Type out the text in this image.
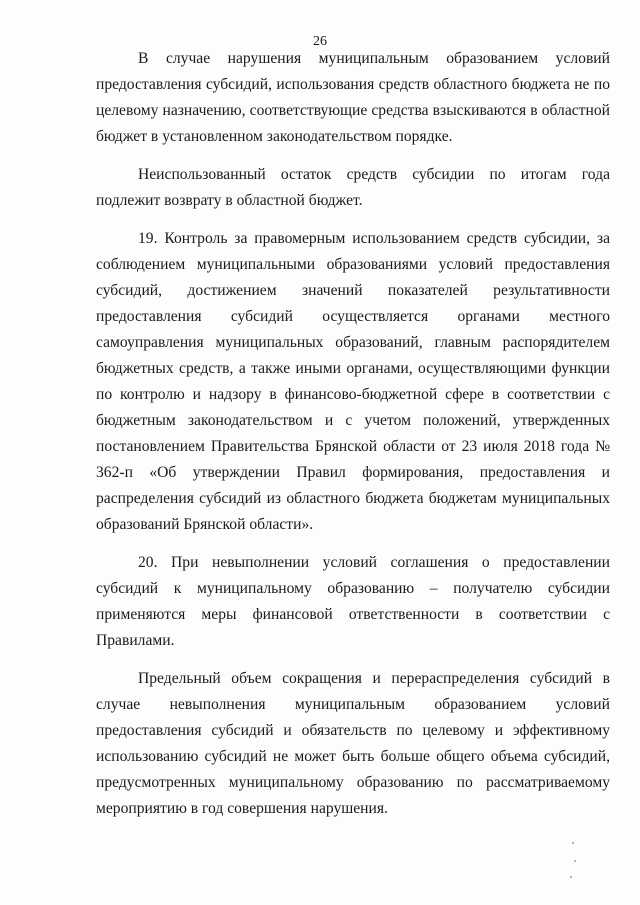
26

В случае нарушения муниципальным образованием условий предоставления субсидий, использования средств областного бюджета не по целевому назначению, соответствующие средства взыскиваются в областной бюджет в установленном законодательством порядке.

Неиспользованный остаток средств субсидии по итогам года подлежит возврату в областной бюджет.

19. Контроль за правомерным использованием средств субсидии, за соблюдением муниципальными образованиями условий предоставления субсидий, достижением значений показателей результативности предоставления субсидий осуществляется органами местного самоуправления муниципальных образований, главным распорядителем бюджетных средств, а также иными органами, осуществляющими функции по контролю и надзору в финансово-бюджетной сфере в соответствии с бюджетным законодательством и с учетом положений, утвержденных постановлением Правительства Брянской области от 23 июля 2018 года № 362-п «Об утверждении Правил формирования, предоставления и распределения субсидий из областного бюджета бюджетам муниципальных образований Брянской области».

20. При невыполнении условий соглашения о предоставлении субсидий к муниципальному образованию – получателю субсидии применяются меры финансовой ответственности в соответствии с Правилами.

Предельный объем сокращения и перераспределения субсидий в случае невыполнения муниципальным образованием условий предоставления субсидий и обязательств по целевому и эффективному использованию субсидий не может быть больше общего объема субсидий, предусмотренных муниципальному образованию по рассматриваемому мероприятию в год совершения нарушения.
